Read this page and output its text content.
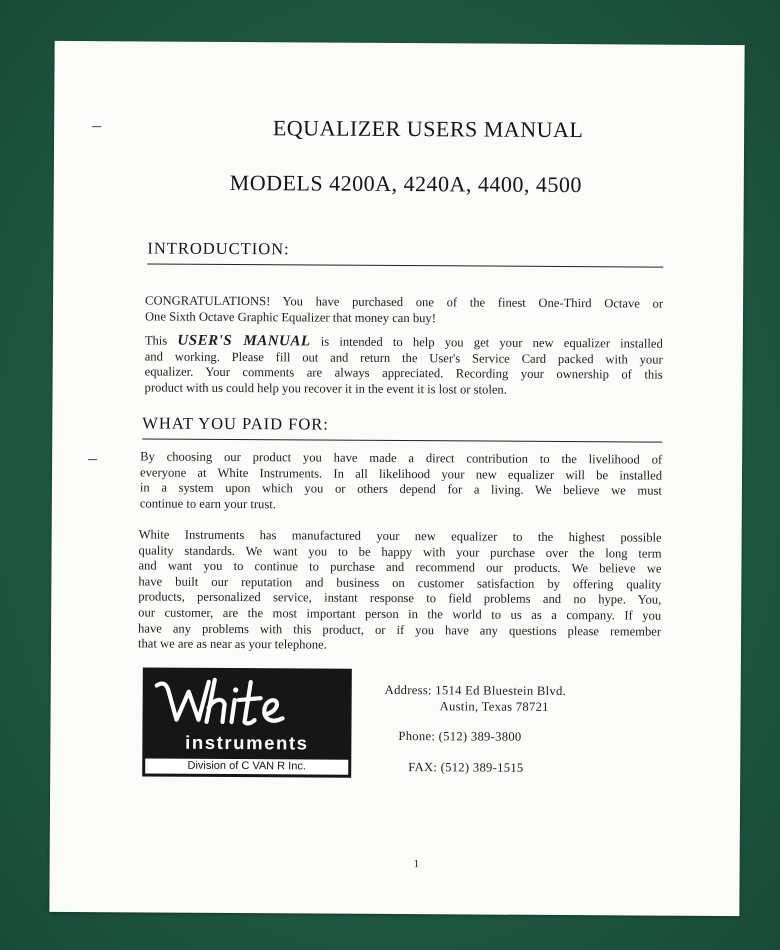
EQUALIZER USERS MANUAL
MODELS 4200A, 4240A, 4400, 4500
INTRODUCTION:
CONGRATULATIONS! You have purchased one of the finest One-Third Octave or
One Sixth Octave Graphic Equalizer that money can buy!
This USER'S MANUAL is intended to help you get your new equalizer installed
and working. Please fill out and return the User's Service Card packed with your
equalizer. Your comments are always appreciated. Recording your ownership of this
product with us could help you recover it in the event it is lost or stolen.
WHAT YOU PAID FOR:
By choosing our product you have made a direct contribution to the livelihood of
everyone at White Instruments. In all likelihood your new equalizer will be installed
in a system upon which you or others depend for a living. We believe we must
continue to earn your trust.
White Instruments has manufactured your new equalizer to the highest possible
quality standards. We want you to be happy with your purchase over the long term
and want you to continue to purchase and recommend our products. We believe we
have built our reputation and business on customer satisfaction by offering quality
products, personalized service, instant response to field problems and no hype. You,
our customer, are the most important person in the world to us as a company. If you
have any problems with this product, or if you have any questions please remember
that we are as near as your telephone.
instruments
Division of C VAN R Inc.
Address: 1514 Ed Bluestein Blvd.
Austin, Texas 78721
Phone: (512) 389-3800
FAX: (512) 389-1515
1
